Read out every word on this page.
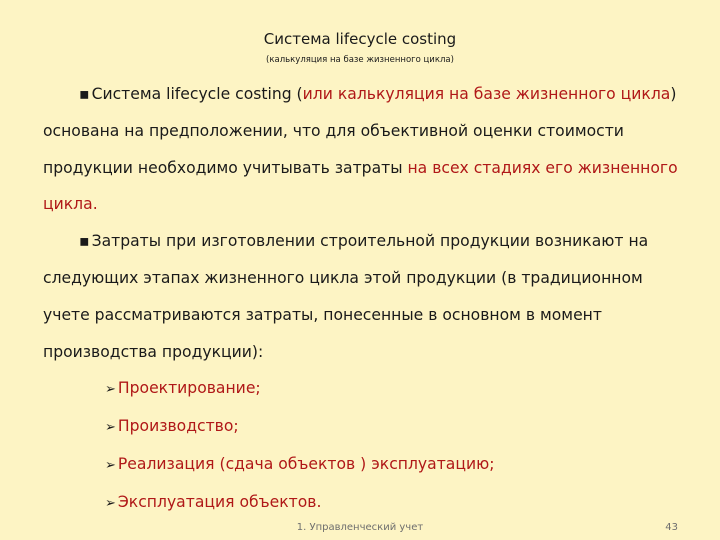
Система lifecycle costing
(калькуляция на базе жизненного цикла)

▪ Система lifecycle costing (или калькуляция на базе жизненного цикла) основана на предположении, что для объективной оценки стоимости продукции необходимо учитывать затраты на всех стадиях его жизненного цикла.

▪ Затраты при изготовлении строительной продукции возникают на следующих этапах жизненного цикла этой продукции (в традиционном учете рассматриваются затраты, понесенные в основном в момент производства продукции):

➢ Проектирование;
➢ Производство;
➢ Реализация (сдача объектов ) эксплуатацию;
➢ Эксплуатация объектов.
1. Управленческий учет	43
